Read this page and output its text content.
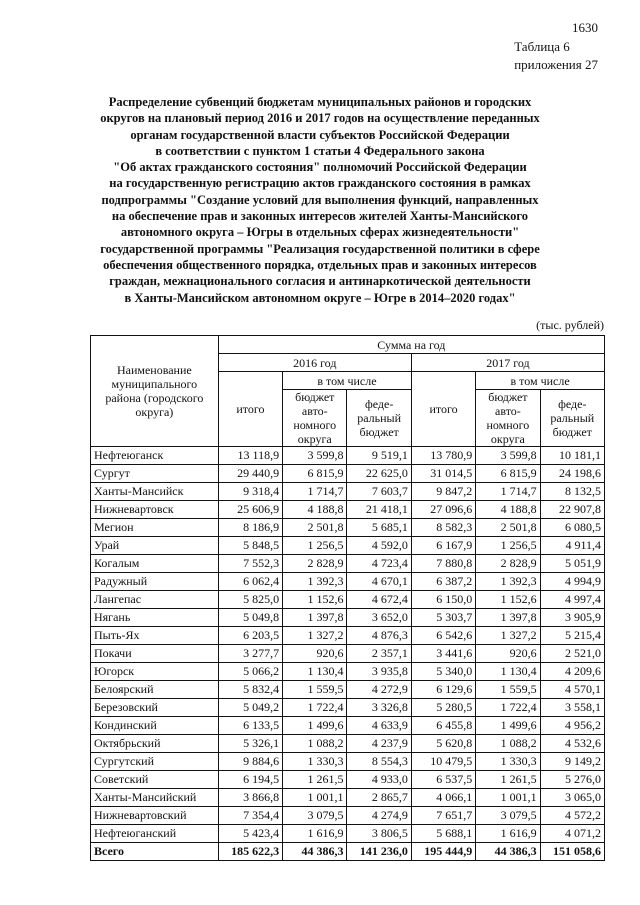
1630
Таблица 6
приложения 27
Распределение субвенций бюджетам муниципальных районов и городских
округов на плановый период 2016 и 2017 годов на осуществление переданных
органам государственной власти субъектов Российской Федерации
в соответствии с пунктом 1 статьи 4 Федерального закона
"Об актах гражданского состояния" полномочий Российской Федерации
на государственную регистрацию актов гражданского состояния в рамках
подпрограммы "Создание условий для выполнения функций, направленных
на обеспечение прав и законных интересов жителей Ханты-Мансийского
автономного округа – Югры в отдельных сферах жизнедеятельности"
государственной программы "Реализация государственной политики в сфере
обеспечения общественного порядка, отдельных прав и законных интересов
граждан, межнационального согласия и антинаркотической деятельности
в Ханты-Мансийском автономном округе – Югре в 2014–2020 годах"
(тыс. рублей)
Наименование муниципального района (городского округа)	Сумма на год					
	2016 год			2017 год		
	итого	в том числе		итого	в том числе	
		бюджет авто-номного округа	феде-ральный бюджет		бюджет авто-номного округа	феде-ральный бюджет
Нефтеюганск	13 118,9	3 599,8	9 519,1	13 780,9	3 599,8	10 181,1
Сургут	29 440,9	6 815,9	22 625,0	31 014,5	6 815,9	24 198,6
Ханты-Мансийск	9 318,4	1 714,7	7 603,7	9 847,2	1 714,7	8 132,5
Нижневартовск	25 606,9	4 188,8	21 418,1	27 096,6	4 188,8	22 907,8
Мегион	8 186,9	2 501,8	5 685,1	8 582,3	2 501,8	6 080,5
Урай	5 848,5	1 256,5	4 592,0	6 167,9	1 256,5	4 911,4
Когалым	7 552,3	2 828,9	4 723,4	7 880,8	2 828,9	5 051,9
Радужный	6 062,4	1 392,3	4 670,1	6 387,2	1 392,3	4 994,9
Лангепас	5 825,0	1 152,6	4 672,4	6 150,0	1 152,6	4 997,4
Нягань	5 049,8	1 397,8	3 652,0	5 303,7	1 397,8	3 905,9
Пыть-Ях	6 203,5	1 327,2	4 876,3	6 542,6	1 327,2	5 215,4
Покачи	3 277,7	920,6	2 357,1	3 441,6	920,6	2 521,0
Югорск	5 066,2	1 130,4	3 935,8	5 340,0	1 130,4	4 209,6
Белоярский	5 832,4	1 559,5	4 272,9	6 129,6	1 559,5	4 570,1
Березовский	5 049,2	1 722,4	3 326,8	5 280,5	1 722,4	3 558,1
Кондинский	6 133,5	1 499,6	4 633,9	6 455,8	1 499,6	4 956,2
Октябрьский	5 326,1	1 088,2	4 237,9	5 620,8	1 088,2	4 532,6
Сургутский	9 884,6	1 330,3	8 554,3	10 479,5	1 330,3	9 149,2
Советский	6 194,5	1 261,5	4 933,0	6 537,5	1 261,5	5 276,0
Ханты-Мансийский	3 866,8	1 001,1	2 865,7	4 066,1	1 001,1	3 065,0
Нижневартовский	7 354,4	3 079,5	4 274,9	7 651,7	3 079,5	4 572,2
Нефтеюганский	5 423,4	1 616,9	3 806,5	5 688,1	1 616,9	4 071,2
Всего	185 622,3	44 386,3	141 236,0	195 444,9	44 386,3	151 058,6
